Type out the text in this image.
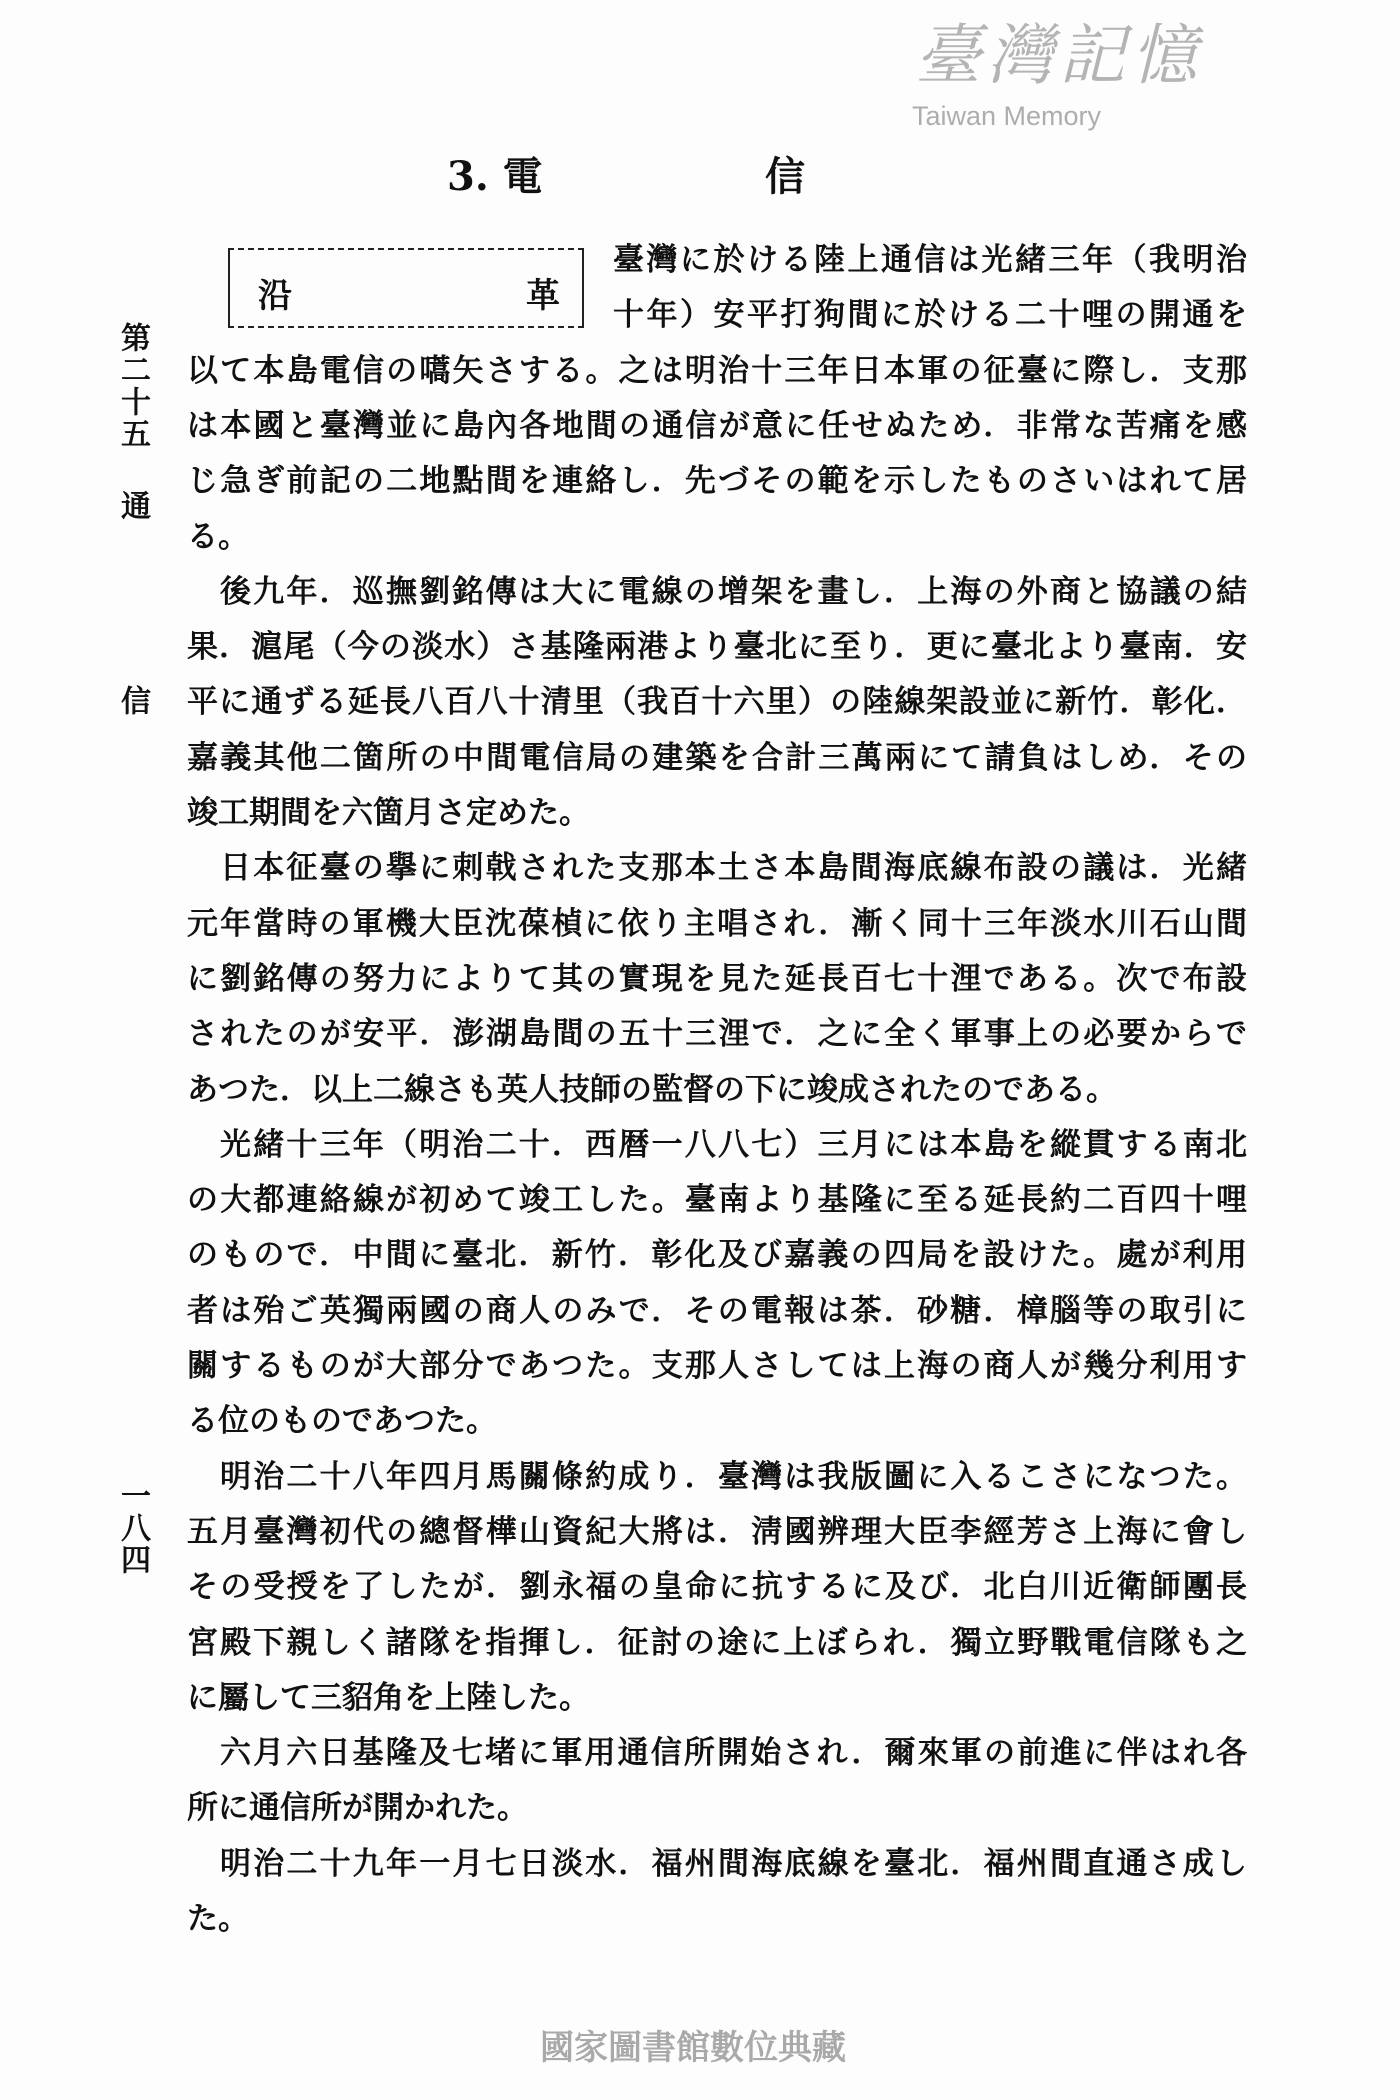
3. 電	信
沿	革
第二十五
通
信
一八四
臺灣に於ける陸上通信は光緒三年（我明治
十年）安平打狗間に於ける二十哩の開通を
以て本島電信の嚆矢さする。之は明治十三年日本軍の征臺に際し．支那
は本國と臺灣並に島內各地間の通信が意に任せぬため．非常な苦痛を感
じ急ぎ前記の二地點間を連絡し．先づその範を示したものさいはれて居
る。
後九年．巡撫劉銘傳は大に電線の增架を畫し．上海の外商と協議の結
果．滬尾（今の淡水）さ基隆兩港より臺北に至り．更に臺北より臺南．安
平に通ずる延長八百八十清里（我百十六里）の陸線架設並に新竹．彰化．
嘉義其他二箇所の中間電信局の建築を合計三萬兩にて請負はしめ．その
竣工期間を六箇月さ定めた。
日本征臺の擧に刺戟された支那本土さ本島間海底線布設の議は．光緒
元年當時の軍機大臣沈葆楨に依り主唱され．漸く同十三年淡水川石山間
に劉銘傳の努力によりて其の實現を見た延長百七十浬である。次で布設
されたのが安平．澎湖島間の五十三浬で．之に全く軍事上の必要からで
あつた．以上二線さも英人技師の監督の下に竣成されたのである。
光緒十三年（明治二十．西暦一八八七）三月には本島を縱貫する南北
の大都連絡線が初めて竣工した。臺南より基隆に至る延長約二百四十哩
のもので．中間に臺北．新竹．彰化及び嘉義の四局を設けた。處が利用
者は殆ご英獨兩國の商人のみで．その電報は茶．砂糖．樟腦等の取引に
關するものが大部分であつた。支那人さしては上海の商人が幾分利用す
る位のものであつた。
明治二十八年四月馬關條約成り．臺灣は我版圖に入るこさになつた。
五月臺灣初代の總督樺山資紀大將は．淸國辨理大臣李經芳さ上海に會し
その受授を了したが．劉永福の皇命に抗するに及び．北白川近衛師團長
宮殿下親しく諸隊を指揮し．征討の途に上ぼられ．獨立野戰電信隊も之
に屬して三貂角を上陸した。
六月六日基隆及七堵に軍用通信所開始され．爾來軍の前進に伴はれ各
所に通信所が開かれた。
明治二十九年一月七日淡水．福州間海底線を臺北．福州間直通さ成し
た。
臺灣記憶
Taiwan Memory
國家圖書館數位典藏
